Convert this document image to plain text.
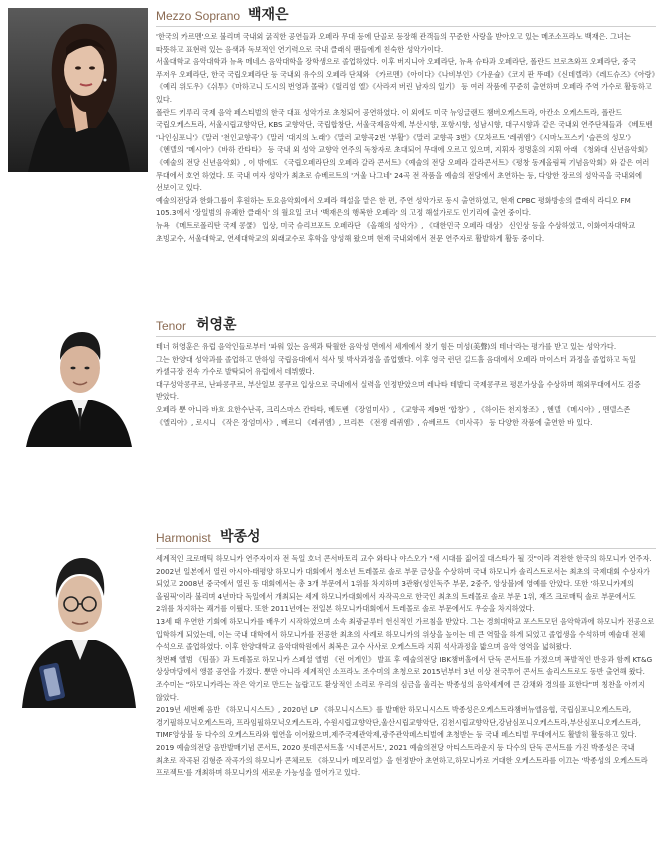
Mezzo Soprano 백재은

'한국의 카르멘'으로 불리며 국내외 굵직한 공연들과 오페라 무대 등에 단골로 등장해 관객들의 꾸준한 사랑을 받아오고 있는 메조소프라노 백재은. 그녀는 따뜻하고 표현력 있는 음색과 독보적인 연기력으로 국내 클래식 팬들에게 친숙한 성악가이다.

서울대학교 음악대학과 뉴욕 메네스 음악대학을 장학생으로 졸업하였다. 이후 버지니아 오페라단, 뉴욕 슈타과 오페라단, 폴란드 브로츠와프 오페라단, 중국 푸저우 오페라단, 한국 국립오페라단 등 국내외 유수의 오페라 단체와 《카르멘》《아이다》《나비부인》《가운슐》《코지 판 뚜떼》《신데렐라》《레드슈즈》《아랑》《예리 위도우》《쉬투》《마하고니 도시의 번영과 몰락》《릴리엄 엘》《사라져 버린 남자의 일기》 등 여러 작품에 꾸준히 출연하며 오페라 주역 가수로 활동하고 있다.

폴란드 키루리 국제 음악 페스티벌의 한국 대표 성악가로 초청되어 공연하였다. 이 외에도 미국 뉴잉글랜드 챔버오케스트라, 아칸소 오케스트라, 폴란드 국립오케스트라, 서울시립교향악단, KBS 교향악단, 국립합창단, 서울국제음악제, 부산시향, 포항시향, 성남시향, 대구시향과 같은 국내외 연주단체들과 《베토벤 '나인심포니'》《말러 '천인교향곡'》《말러 '대지의 노래'》《말러 교향곡2번 '부활'》《말러 교향곡 3번》《모차르트 '레퀴엠'》《시마노프스키 '슬픈의 성모'》《헨델의 '메시아'》《바하 칸타타》 등 국내 외 성악 교향악 연주의 독창자로 초대되어 무대에 오르고 있으며, 지휘자 정명훈의 지휘 아래 《청와대 신년음악회》《예술의 전당 신년음악회》, 이 밖에도 《국립오페라단의 오페라 갈라 콘서트》《예술의 전당 오페라 갈라콘서트》《평창 동계올림픽 기념음악회》와 같은 여러 무대에서 호연 하였다. 또 국내 여자 성악가 최초로 슈베르트의 '겨울 나그네' 24곡 전 작품을 예술의 전당에서 초연하는 등, 다양한 장르의 성악곡을 국내외에 선보이고 있다.

예술의전당과 한화그룹이 후원하는 토요음악회에서 오페라 해설을 맡은 한 편, 주연 성악가로 동시 출연하였고, 현재 CPBC 평화방송의 클래식 라디오 FM 105.3에서 '장일범의 유쾌한 클래식' 의 월요일 코너 '백재은의 행복한 오페라' 의 고정 해설가로도 인기리에 출연 중이다.

뉴욕 《메트로폴리탄 국제 콩쿨》 입상, 미국 슈리브포트 오페라단 《올해의 성악가》, 《대한민국 오페라 대상》 신인상 등을 수상하였고, 이화여자대학교 초빙교수, 서울대학교, 연세대학교의 외래교수로 후학을 양성해 왔으며 현재 국내외에서 전문 연주자로 활발하게 활동 중이다.

Tenor 허영훈

테너 허영훈은 유럽 음악인들로부터 '파워 있는 음색과 탁월한 음악성 면에서 세계에서 찾기 힘든 미성(美聲)의 테너'라는 평가를 받고 있는 성악가다.

그는 한양대 성악과를 졸업하고 만하임 국립음대에서 석사 및 박사과정을 졸업했다. 이후 영국 런던 길드홀 음대에서 오페라 마이스터 과정을 졸업하고 독일 카셀극장 전속 가수로 발탁되어 유럽에서 데뷔했다.

대구성악콩쿠르, 난파콩쿠르, 부산일보 콩쿠르 입상으로 국내에서 실력을 인정받았으며 레나타 테발디 국제콩쿠르 평론가상을 수상하며 해외무대에서도 검증 받았다.

오페라 뿐 아니라 바흐 요한수난곡, 크리스마스 칸타타, 베토벤 《장엄미사》, 《교향곡 제9번 '합창'》, 《하이든 천지창조》, 헨델 《메시아》, 멘델스존 《엘리아》, 로시니 《작은 장엄미사》, 베르디 《레퀴엠》, 브리튼 《전쟁 레퀴엠》, 슈베르트 《미사곡》 등 다양한 작품에 출연한 바 있다.

Harmonist 박종성

세계적인 크로매틱 하모니카 연주자이자 전 독일 호너 콘서바토리 교수 와타나 야스오가 "새 시대를 짊어질 대스타가 될 것"이라 격찬한 한국의 하모니카 연주자. 2002년 일본에서 열린 아시아-태평양 하모니카 대회에서 청소년 트레몰로 솔로 부문 금상을 수상하며 국내 하모니카 솔리스트로서는 최초의 국제대회 수상자가 되었고 2008년 중국에서 열린 동 대회에서는 총 3개 부문에서 1위를 차지하며 3관왕(성인독주 부문, 2중주, 앙상블)에 영예를 안았다. 또한 '하모니카계의 올림픽'이라 불리며 4년마다 독일에서 개최되는 세계 하모니카대회에서 자작곡으로 한국인 최초의 트레몰로 솔로 부문 1위, 재즈 크로매틱 솔로 부문에서도 2위를 차지하는 쾌거를 이뤘다. 또한 2011년에는 전일본 하모니카대회에서 트레몰로 솔로 부문에서도 우승을 차지하였다.

13세 때 우연한 기회에 하모니카를 배우기 시작하였으며 소속 최광균루터 헌신적인 가르침을 받았다. 그는 경희대학교 포스트모던 음악학과에 하모니카 전공으로 입학하게 되었는데, 이는 국내 대학에서 하모니카를 전공한 최초의 사례로 하모니카의 위상을 높이는 데 큰 역할을 하게 되었고 졸업생을 수석하며 예술대 전체 수석으로 졸업하였다. 이후 한양대학교 음악대학원에서 최복은 교수 사사로 오케스트라 지휘 석사과정을 밟으며 음악 영역을 넓혀왔다.

첫번째 앨범 《팀플》과 트레몰로 하모니카 스페셜 앨범 《런 어게인》 발표 후 예술의전당 IBK챔버홀에서 단독 콘서트를 가졌으며 폭발적인 반응과 함께 KT&G 상상마당에서 앵콜 공연을 가졌다. 뿐만 아니라 세계적인 소프라노 조수미의 초청으로 2015년부터 3년 이상 전국투어 콘서트 솔리스트로도 동반 출연해 왔다. 조수미는 "하모니카라는 작은 악기로 만드는 놀랍고도 환상적인 소리로 우리의 심금을 울리는 박종성의 음악세계에 큰 감채와 경의를 표한다"며 칭찬을 아끼지 않았다.

2019년 세번째 음반 《하모니시스트》, 2020년 LP 《하모니시스트》를 발매한 하모니시스트 박종성은오케스트라챔버뉴앨음협, 국립심포니오케스트라, 경기필하모닉오케스트라, 프라임필하모닉오케스트라, 수원시립교향악단,울산시립교향악단, 김천시립교향악단,강남심포니오케스트라,부산심포니오케스트라, TIMF앙상블 등 다수의 오케스트라와 협연을 이어왔으며,제주국제관악제,광주관악페스티벌에 초청받는 등 국내 페스티벌 무대에서도 활발히 활동하고 있다.

2019 예술의전당 음반발매기념 콘서트, 2020 롯데콘서트홀 '시네콘서트', 2021 예술의전당 아티스트라운지 등 다수의 단독 콘서트를 가진 박종성은 국내 최초로 작곡된 김형준 작곡가의 하모니카 콘체르토 《하모니카 메모리얼》을 헌정받아 초연하고,하모니카로 거대한 오케스트라를 이끄는 '박종성의 오케스트라 프로젝트'를 개최하며 하모니카의 새로운 가능성을 열어가고 있다.
